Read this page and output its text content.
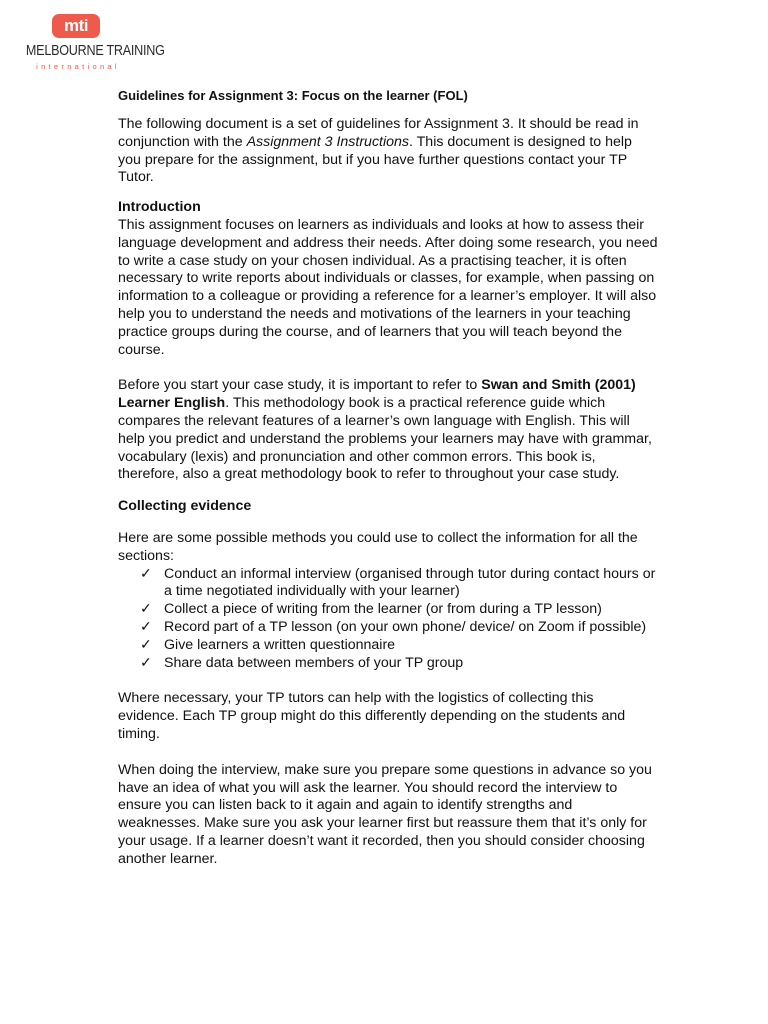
mti
MELBOURNE TRAINING
international
Guidelines for Assignment 3: Focus on the learner (FOL)

The following document is a set of guidelines for Assignment 3. It should be read in conjunction with the Assignment 3 Instructions. This document is designed to help you prepare for the assignment, but if you have further questions contact your TP Tutor.

Introduction

This assignment focuses on learners as individuals and looks at how to assess their language development and address their needs. After doing some research, you need to write a case study on your chosen individual. As a practising teacher, it is often necessary to write reports about individuals or classes, for example, when passing on information to a colleague or providing a reference for a learner’s employer. It will also help you to understand the needs and motivations of the learners in your teaching practice groups during the course, and of learners that you will teach beyond the course.

Before you start your case study, it is important to refer to Swan and Smith (2001) Learner English. This methodology book is a practical reference guide which compares the relevant features of a learner’s own language with English. This will help you predict and understand the problems your learners may have with grammar, vocabulary (lexis) and pronunciation and other common errors. This book is, therefore, also a great methodology book to refer to throughout your case study.

Collecting evidence

Here are some possible methods you could use to collect the information for all the sections:

✓ Conduct an informal interview (organised through tutor during contact hours or a time negotiated individually with your learner)
✓ Collect a piece of writing from the learner (or from during a TP lesson)
✓ Record part of a TP lesson (on your own phone/ device/ on Zoom if possible)
✓ Give learners a written questionnaire
✓ Share data between members of your TP group

Where necessary, your TP tutors can help with the logistics of collecting this evidence. Each TP group might do this differently depending on the students and timing.

When doing the interview, make sure you prepare some questions in advance so you have an idea of what you will ask the learner. You should record the interview to ensure you can listen back to it again and again to identify strengths and weaknesses. Make sure you ask your learner first but reassure them that it’s only for your usage. If a learner doesn’t want it recorded, then you should consider choosing another learner.
